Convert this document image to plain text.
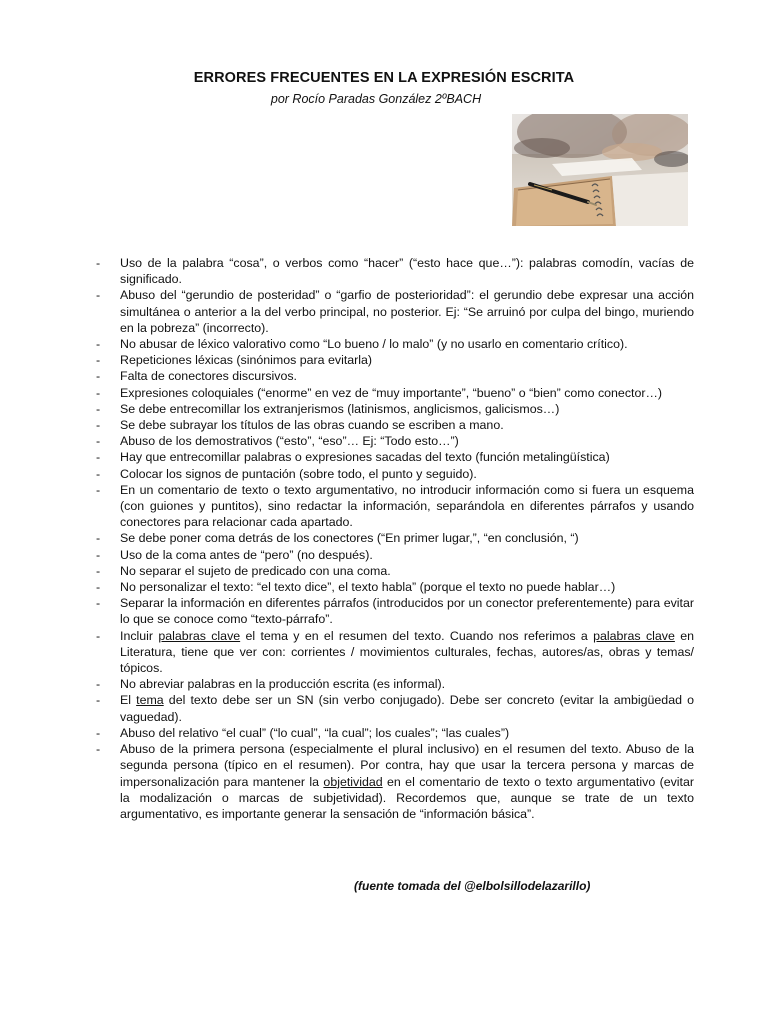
ERRORES FRECUENTES EN LA EXPRESIÓN ESCRITA
por Rocío Paradas González 2ºBACH
- Uso de la palabra “cosa”, o verbos como “hacer” (“esto hace que…”): palabras comodín, vacías de significado.
- Abuso del “gerundio de posteridad” o “garfio de posterioridad”: el gerundio debe expresar una acción simultánea o anterior a la del verbo principal, no posterior. Ej: “Se arruinó por culpa del bingo, muriendo en la pobreza” (incorrecto).
- No abusar de léxico valorativo como “Lo bueno / lo malo” (y no usarlo en comentario crítico).
- Repeticiones léxicas (sinónimos para evitarla)
- Falta de conectores discursivos.
- Expresiones coloquiales (“enorme” en vez de “muy importante”, “bueno” o “bien” como conector…)
- Se debe entrecomillar los extranjerismos (latinismos, anglicismos, galicismos…)
- Se debe subrayar los títulos de las obras cuando se escriben a mano.
- Abuso de los demostrativos (“esto”, “eso”… Ej: “Todo esto…”)
- Hay que entrecomillar palabras o expresiones sacadas del texto (función metalingüística)
- Colocar los signos de puntación (sobre todo, el punto y seguido).
- En un comentario de texto o texto argumentativo, no introducir información como si fuera un esquema (con guiones y puntitos), sino redactar la información, separándola en diferentes párrafos y usando conectores para relacionar cada apartado.
- Se debe poner coma detrás de los conectores (“En primer lugar,”, “en conclusión, “)
- Uso de la coma antes de “pero” (no después).
- No separar el sujeto de predicado con una coma.
- No personalizar el texto: “el texto dice”, el texto habla” (porque el texto no puede hablar…)
- Separar la información en diferentes párrafos (introducidos por un conector preferentemente) para evitar lo que se conoce como “texto-párrafo”.
- Incluir palabras clave el tema y en el resumen del texto. Cuando nos referimos a palabras clave en Literatura, tiene que ver con: corrientes / movimientos culturales, fechas, autores/as, obras y temas/ tópicos.
- No abreviar palabras en la producción escrita (es informal).
- El tema del texto debe ser un SN (sin verbo conjugado). Debe ser concreto (evitar la ambigüedad o vaguedad).
- Abuso del relativo “el cual” (“lo cual”, “la cual”; los cuales”; “las cuales”)
- Abuso de la primera persona (especialmente el plural inclusivo) en el resumen del texto. Abuso de la segunda persona (típico en el resumen). Por contra, hay que usar la tercera persona y marcas de impersonalización para mantener la objetividad en el comentario de texto o texto argumentativo (evitar la modalización o marcas de subjetividad). Recordemos que, aunque se trate de un texto argumentativo, es importante generar la sensación de “información básica”.
(fuente tomada del @elbolsillodelazarillo)
